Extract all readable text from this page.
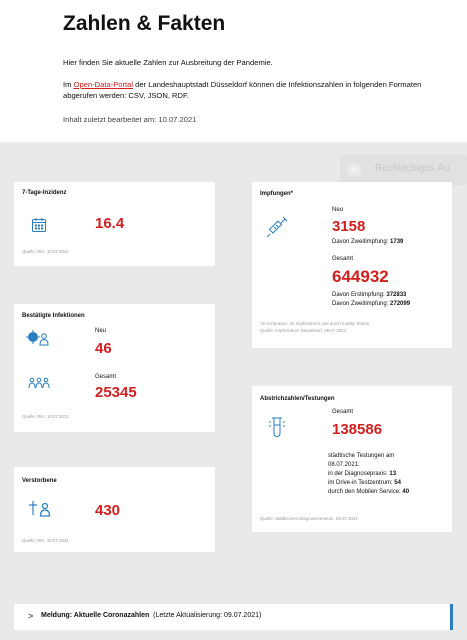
Zahlen & Fakten
Hier finden Sie aktuelle Zahlen zur Ausbreitung der Pandemie.
Im Open-Data-Portal der Landeshauptstadt Düsseldorf können die Infektionszahlen in folgenden Formaten abgerufen werden: CSV, JSON, RDF.
Inhalt zuletzt bearbeitet am: 10.07.2021
+	Rechteckiges Au
7-Tage-Inzidenz
16.4
Quelle: RKI, 10.07.2021
Bestätigte Infektionen
Neu
46
Gesamt
25345
Quelle: RKI, 10.07.2021
Verstorbene
430
Quelle: RKI, 10.07.2021
Impfungen*
Neu
3158
Davon Zweitimpfung: 1739
Gesamt
644932
Davon Erstimpfung: 372833
Davon Zweitimpfung: 272099
*in Arztpraxen, im Impfzentrum und durch mobile Teams
Quelle: Impfzentrum Düsseldorf, 09.07.2021
Abstrichzahlen/Testungen
Gesamt
138586
städtische Testungen am
08.07.2021:
in der Diagnosepraxis: 13
im Drive-in Testzentrum: 54
durch den Mobilen Service: 40
Quelle: Städtisches Diagnosezentrum, 09.07.2021
> Meldung: Aktuelle Coronazahlen (Letzte Aktualisierung: 09.07.2021)
